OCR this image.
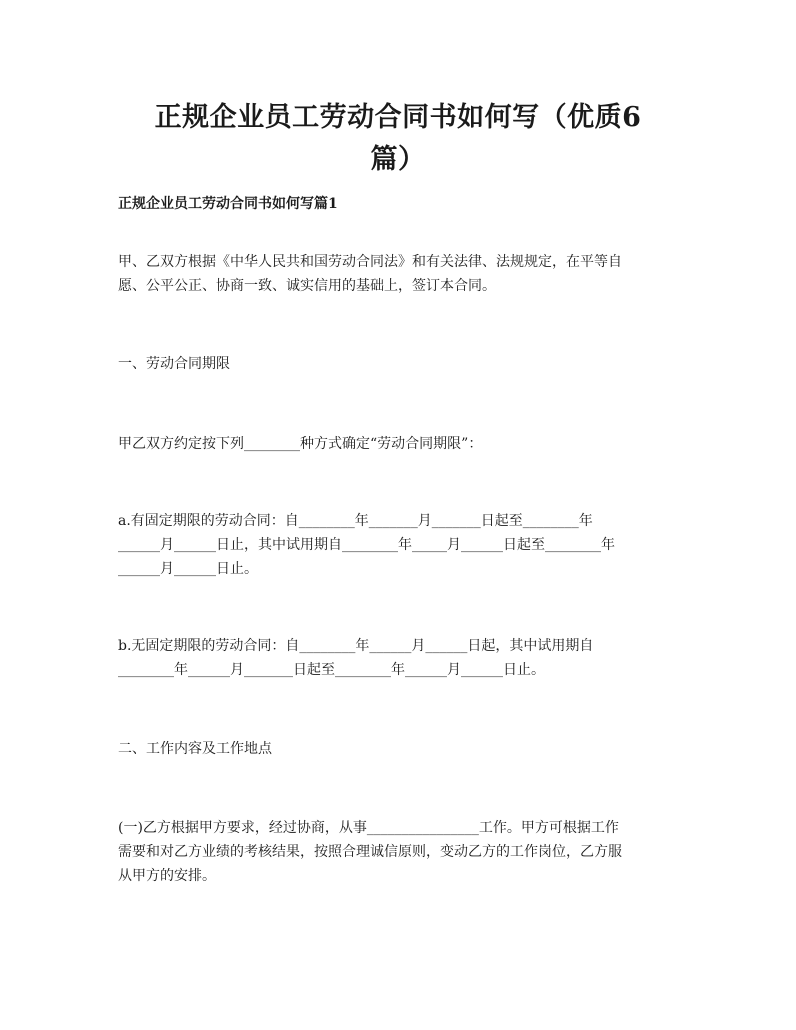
正规企业员工劳动合同书如何写（优质6
篇）
正规企业员工劳动合同书如何写篇1

甲、乙双方根据《中华人民共和国劳动合同法》和有关法律、法规规定，在平等自
愿、公平公正、协商一致、诚实信用的基础上，签订本合同。

一、劳动合同期限

甲乙双方约定按下列________种方式确定“劳动合同期限”：

a.有固定期限的劳动合同：自________年_______月_______日起至________年
______月______日止，其中试用期自________年_____月______日起至________年
______月______日止。

b.无固定期限的劳动合同：自________年______月______日起，其中试用期自
________年______月_______日起至________年______月______日止。

二、工作内容及工作地点

(一)乙方根据甲方要求，经过协商，从事________________工作。甲方可根据工作
需要和对乙方业绩的考核结果，按照合理诚信原则，变动乙方的工作岗位，乙方服
从甲方的安排。
